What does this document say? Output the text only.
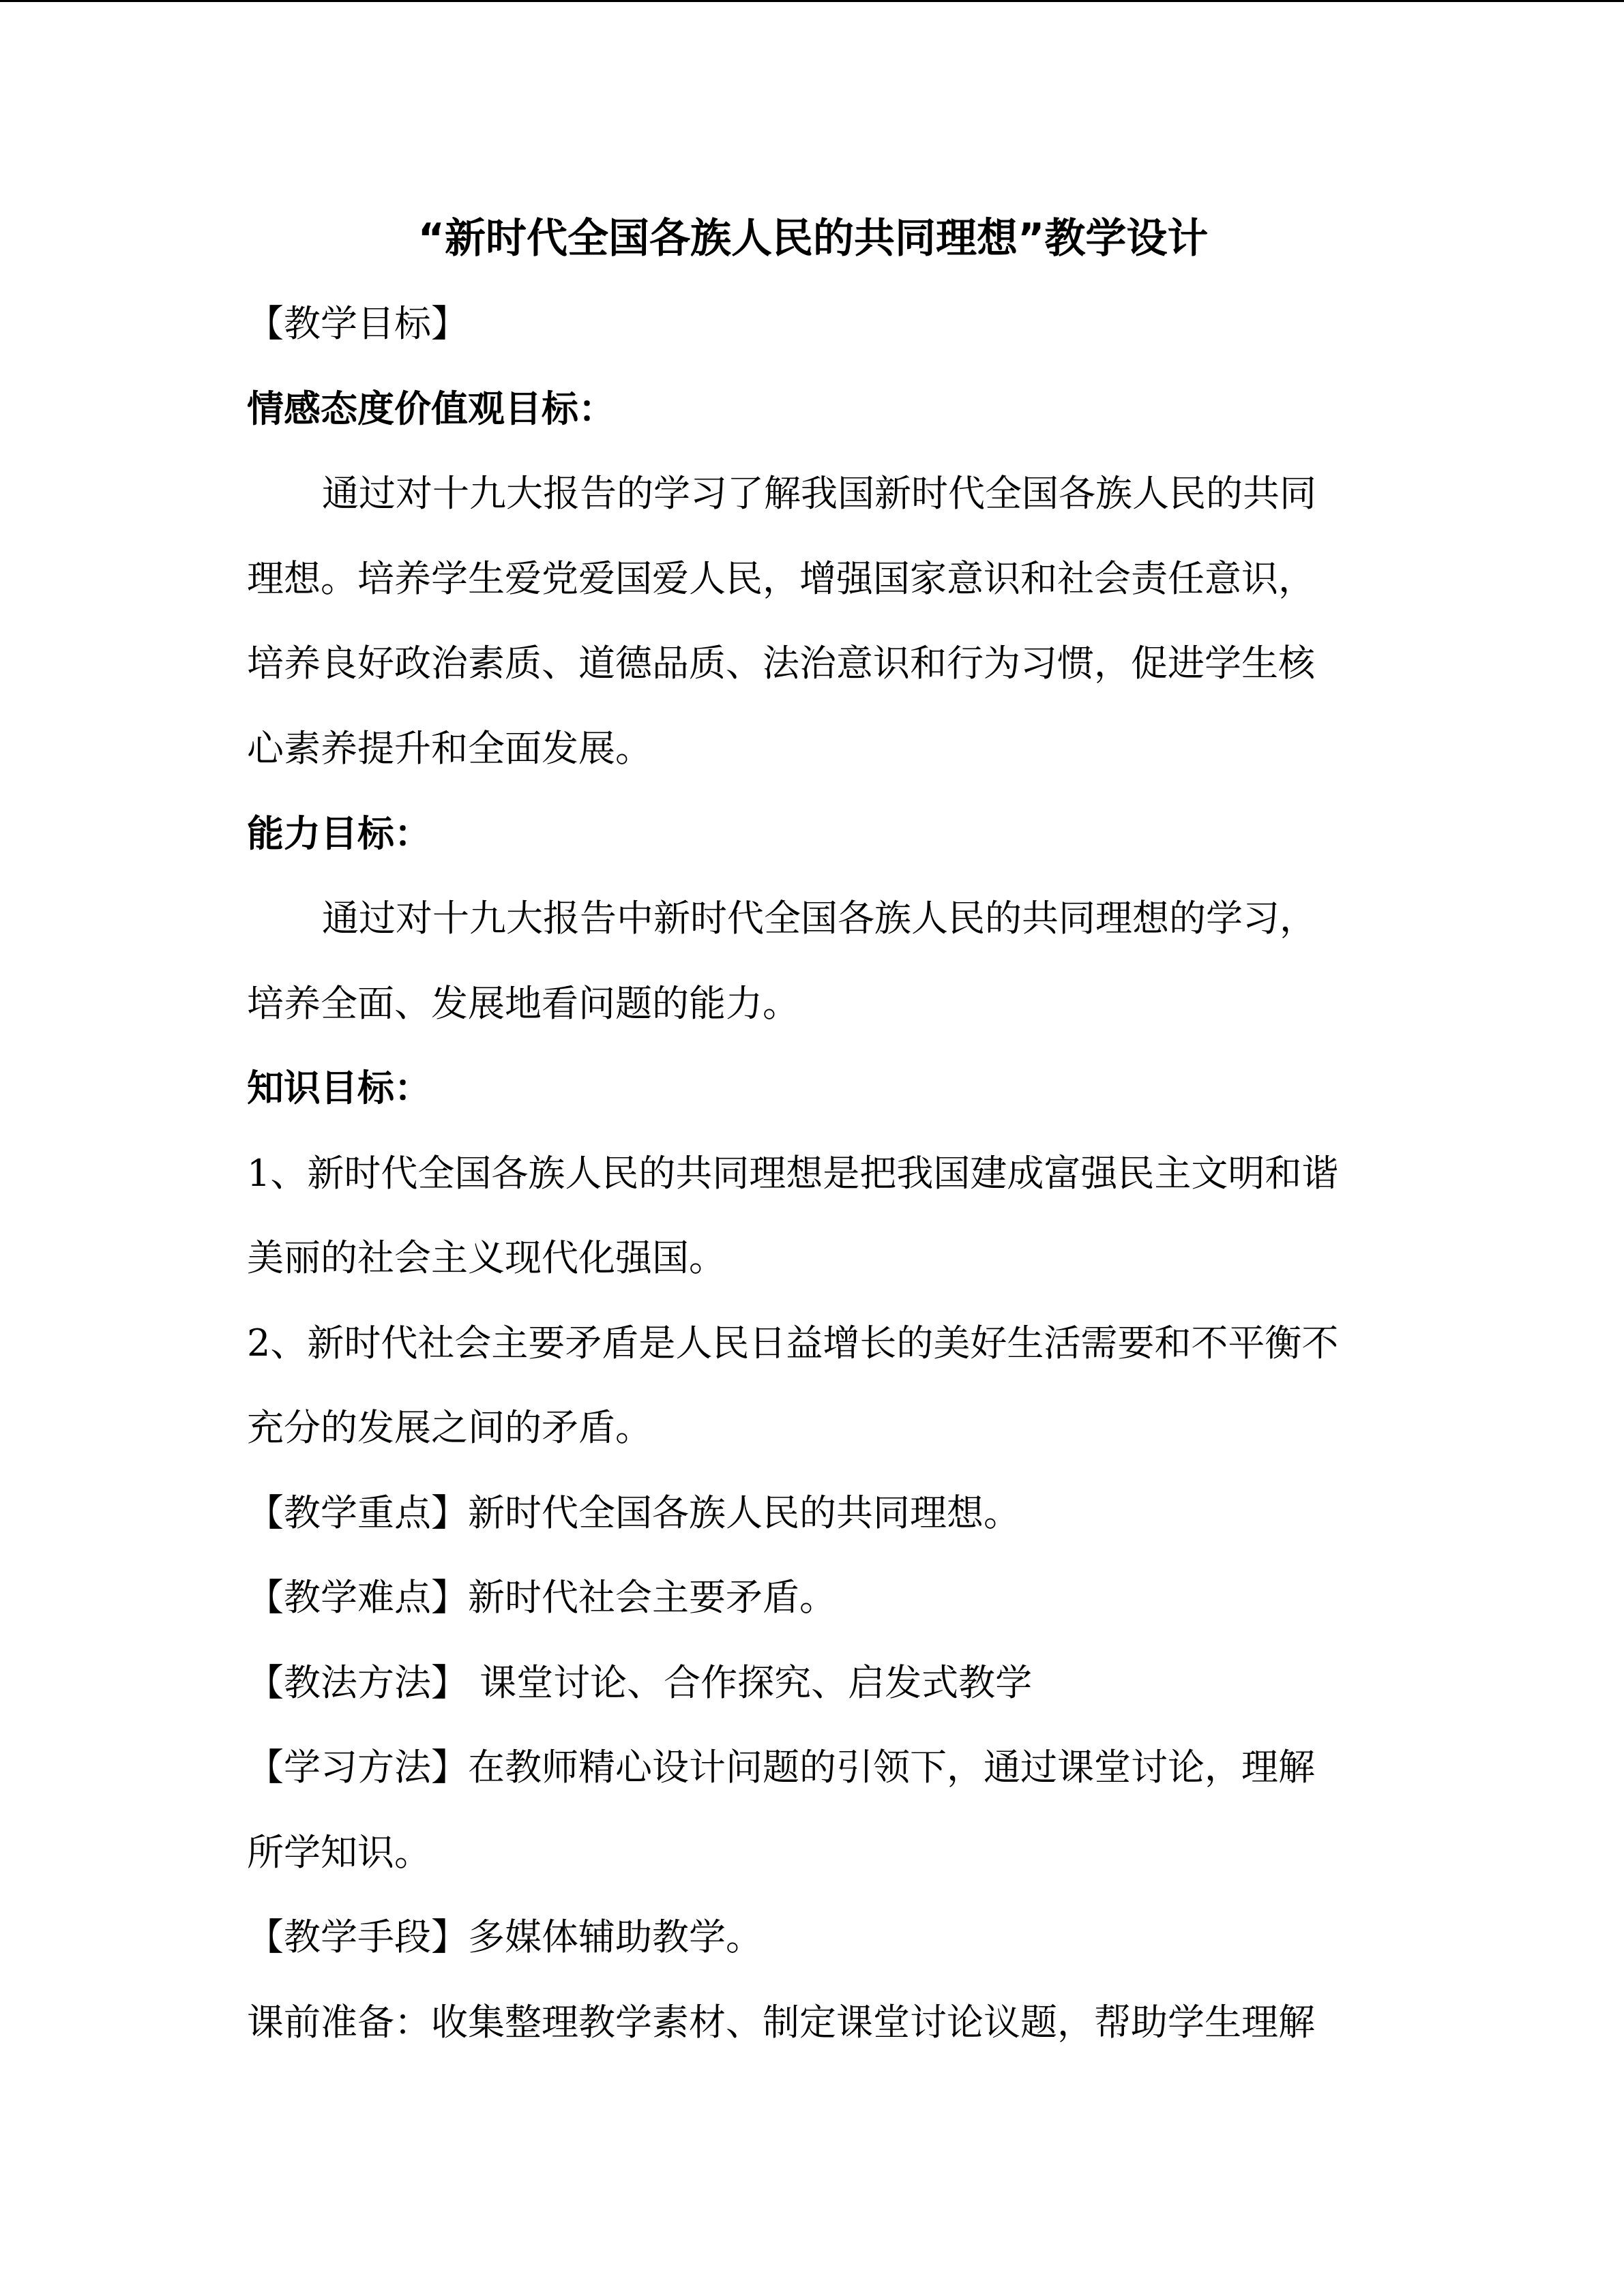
“新时代全国各族人民的共同理想”教学设计
【教学目标】
情感态度价值观目标：
通过对十九大报告的学习了解我国新时代全国各族人民的共同
理想。培养学生爱党爱国爱人民，增强国家意识和社会责任意识，
培养良好政治素质、道德品质、法治意识和行为习惯，促进学生核
心素养提升和全面发展。
能力目标：
通过对十九大报告中新时代全国各族人民的共同理想的学习，
培养全面、发展地看问题的能力。
知识目标：
1、新时代全国各族人民的共同理想是把我国建成富强民主文明和谐
美丽的社会主义现代化强国。
2、新时代社会主要矛盾是人民日益增长的美好生活需要和不平衡不
充分的发展之间的矛盾。
【教学重点】新时代全国各族人民的共同理想。
【教学难点】新时代社会主要矛盾。
【教法方法】 课堂讨论、合作探究、启发式教学
【学习方法】在教师精心设计问题的引领下，通过课堂讨论，理解
所学知识。
【教学手段】多媒体辅助教学。
课前准备：收集整理教学素材、制定课堂讨论议题，帮助学生理解
